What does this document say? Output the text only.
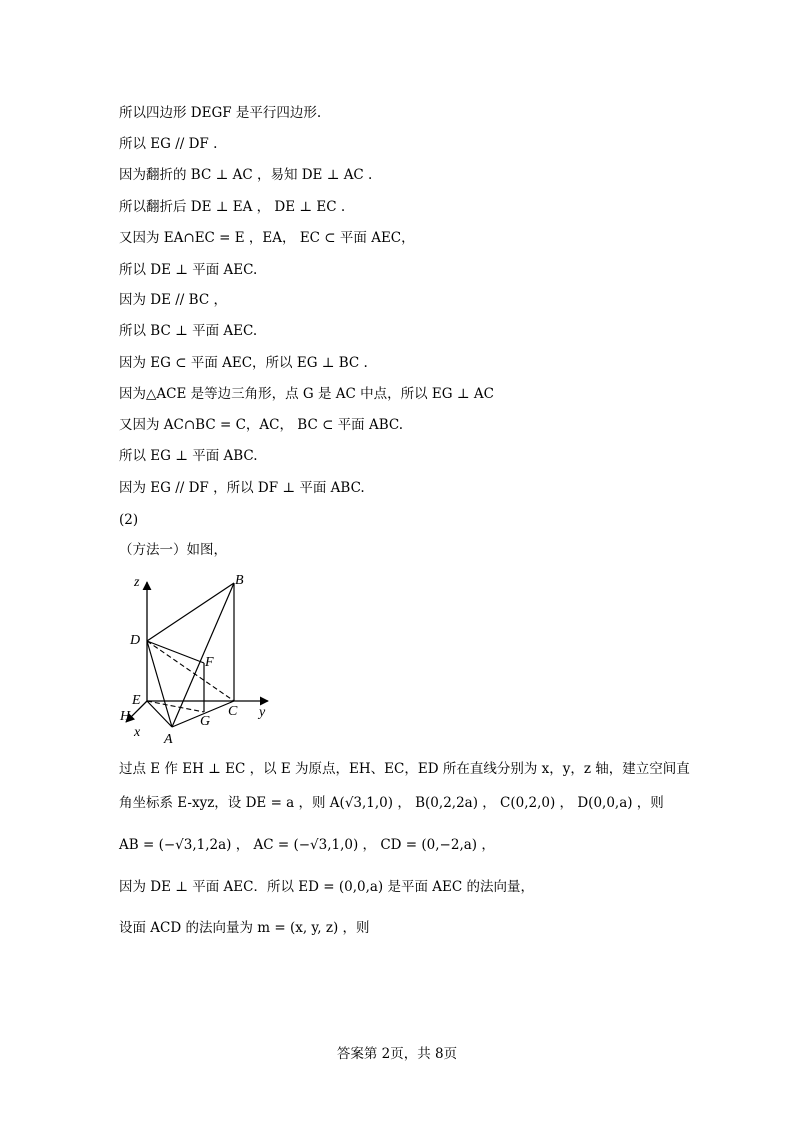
所以四边形 DEGF 是平行四边形.
所以 EG // DF .
因为翻折的 BC ⊥ AC ，易知 DE ⊥ AC .
所以翻折后 DE ⊥ EA ， DE ⊥ EC .
又因为 EA∩EC = E ，EA， EC ⊂ 平面 AEC，
所以 DE ⊥ 平面 AEC.
因为 DE // BC ，
所以 BC ⊥ 平面 AEC.
因为 EG ⊂ 平面 AEC，所以 EG ⊥ BC .
因为△ACE 是等边三角形，点 G 是 AC 中点，所以 EG ⊥ AC
又因为 AC∩BC = C，AC， BC ⊂ 平面 ABC.
所以 EG ⊥ 平面 ABC.
因为 EG // DF ，所以 DF ⊥ 平面 ABC.
(2)
（方法一）如图，
z	B
D
F
E
H
x A
G
C y
过点 E 作 EH ⊥ EC ，以 E 为原点，EH、EC，ED 所在直线分别为 x，y，z 轴，建立空间直
角坐标系 E-xyz，设 DE = a ，则 A(√3,1,0) ， B(0,2,2a) ， C(0,2,0) ， D(0,0,a) ，则
AB = (−√3,1,2a) ， AC = (−√3,1,0) ， CD = (0,−2,a) ，
因为 DE ⊥ 平面 AEC．所以 ED = (0,0,a) 是平面 AEC 的法向量，
设面 ACD 的法向量为 m = (x, y, z) ，则
答案第 2页，共 8页
